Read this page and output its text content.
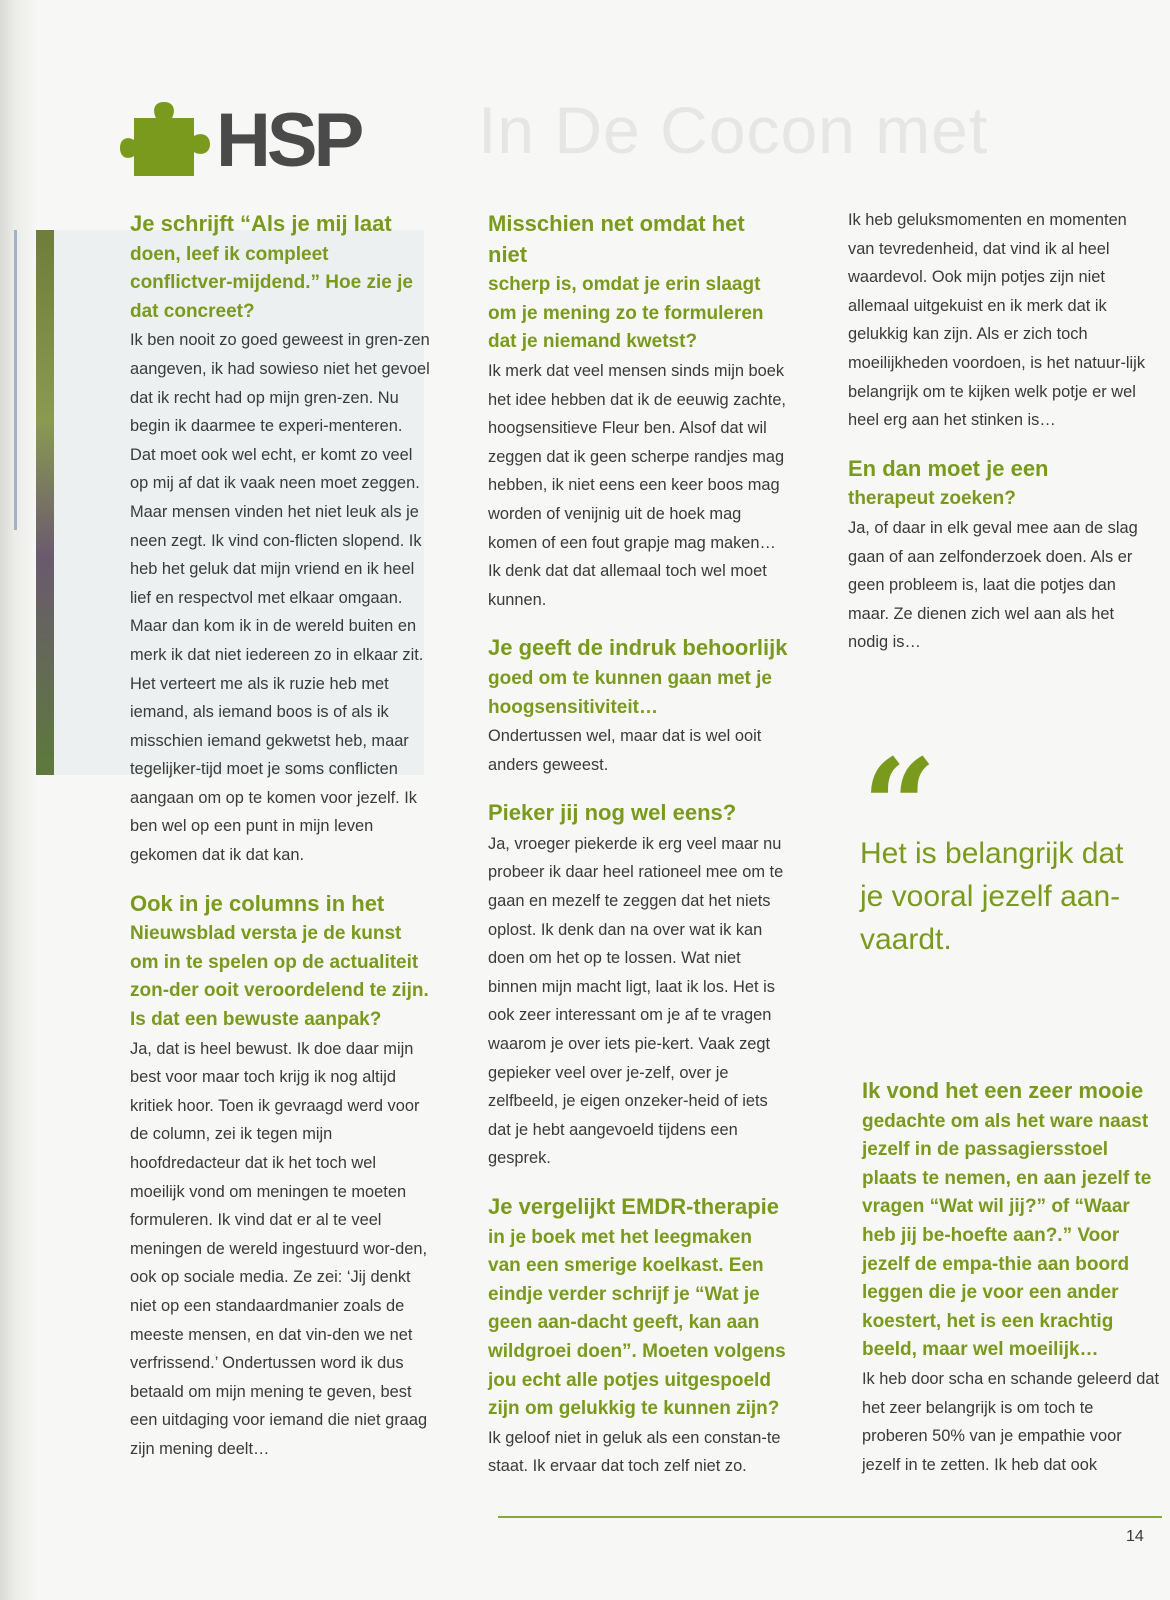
In De Cocon met
HSP

Je schrijft “Als je mij laat
doen, leef ik compleet conflictver-mijdend.” Hoe zie je dat concreet?

Ik ben nooit zo goed geweest in gren-zen aangeven, ik had sowieso niet het gevoel dat ik recht had op mijn gren-zen. Nu begin ik daarmee te experi-menteren. Dat moet ook wel echt, er komt zo veel op mij af dat ik vaak neen moet zeggen. Maar mensen vinden het niet leuk als je neen zegt. Ik vind con-flicten slopend. Ik heb het geluk dat mijn vriend en ik heel lief en respectvol met elkaar omgaan. Maar dan kom ik in de wereld buiten en merk ik dat niet iedereen zo in elkaar zit. Het verteert me als ik ruzie heb met iemand, als iemand boos is of als ik misschien iemand gekwetst heb, maar tegelijker-tijd moet je soms conflicten aangaan om op te komen voor jezelf. Ik ben wel op een punt in mijn leven gekomen dat ik dat kan.

Ook in je columns in het
Nieuwsblad versta je de kunst om in te spelen op de actualiteit zon-der ooit veroordelend te zijn. Is dat een bewuste aanpak?

Ja, dat is heel bewust. Ik doe daar mijn best voor maar toch krijg ik nog altijd kritiek hoor. Toen ik gevraagd werd voor de column, zei ik tegen mijn hoofdredacteur dat ik het toch wel moeilijk vond om meningen te moeten formuleren. Ik vind dat er al te veel meningen de wereld ingestuurd wor-den, ook op sociale media. Ze zei: ‘Jij denkt niet op een standaardmanier zoals de meeste mensen, en dat vin-den we net verfrissend.’ Ondertussen word ik dus betaald om mijn mening te geven, best een uitdaging voor iemand die niet graag zijn mening deelt…

Misschien net omdat het niet
scherp is, omdat je erin slaagt om je mening zo te formuleren dat je niemand kwetst?

Ik merk dat veel mensen sinds mijn boek het idee hebben dat ik de eeuwig zachte, hoogsensitieve Fleur ben. Alsof dat wil zeggen dat ik geen scherpe randjes mag hebben, ik niet eens een keer boos mag worden of venijnig uit de hoek mag komen of een fout grapje mag maken… Ik denk dat dat allemaal toch wel moet kunnen.

Je geeft de indruk behoorlijk
goed om te kunnen gaan met je hoogsensitiviteit…

Ondertussen wel, maar dat is wel ooit anders geweest.

Pieker jij nog wel eens?

Ja, vroeger piekerde ik erg veel maar nu probeer ik daar heel rationeel mee om te gaan en mezelf te zeggen dat het niets oplost. Ik denk dan na over wat ik kan doen om het op te lossen. Wat niet binnen mijn macht ligt, laat ik los. Het is ook zeer interessant om je af te vragen waarom je over iets pie-kert. Vaak zegt gepieker veel over je-zelf, over je zelfbeeld, je eigen onzeker-heid of iets dat je hebt aangevoeld tijdens een gesprek.

Je vergelijkt EMDR-therapie
in je boek met het leegmaken van een smerige koelkast. Een eindje verder schrijf je “Wat je geen aan-dacht geeft, kan aan wildgroei doen”. Moeten volgens jou echt alle potjes uitgespoeld zijn om gelukkig te kunnen zijn?

Ik geloof niet in geluk als een constan-te staat. Ik ervaar dat toch zelf niet zo.

Ik heb geluksmomenten en momenten van tevredenheid, dat vind ik al heel waardevol. Ook mijn potjes zijn niet allemaal uitgekuist en ik merk dat ik gelukkig kan zijn. Als er zich toch moeilijkheden voordoen, is het natuur-lijk belangrijk om te kijken welk potje er wel heel erg aan het stinken is…

En dan moet je een
therapeut zoeken?

Ja, of daar in elk geval mee aan de slag gaan of aan zelfonderzoek doen. Als er geen probleem is, laat die potjes dan maar. Ze dienen zich wel aan als het nodig is…

“
Het is belangrijk dat je vooral jezelf aan-vaardt.

Ik vond het een zeer mooie
gedachte om als het ware naast jezelf in de passagiersstoel plaats te nemen, en aan jezelf te vragen “Wat wil jij?” of “Waar heb jij be-hoefte aan?.” Voor jezelf de empa-thie aan boord leggen die je voor een ander koestert, het is een krachtig beeld, maar wel moeilijk…

Ik heb door scha en schande geleerd dat het zeer belangrijk is om toch te proberen 50% van je empathie voor jezelf in te zetten. Ik heb dat ook

14
